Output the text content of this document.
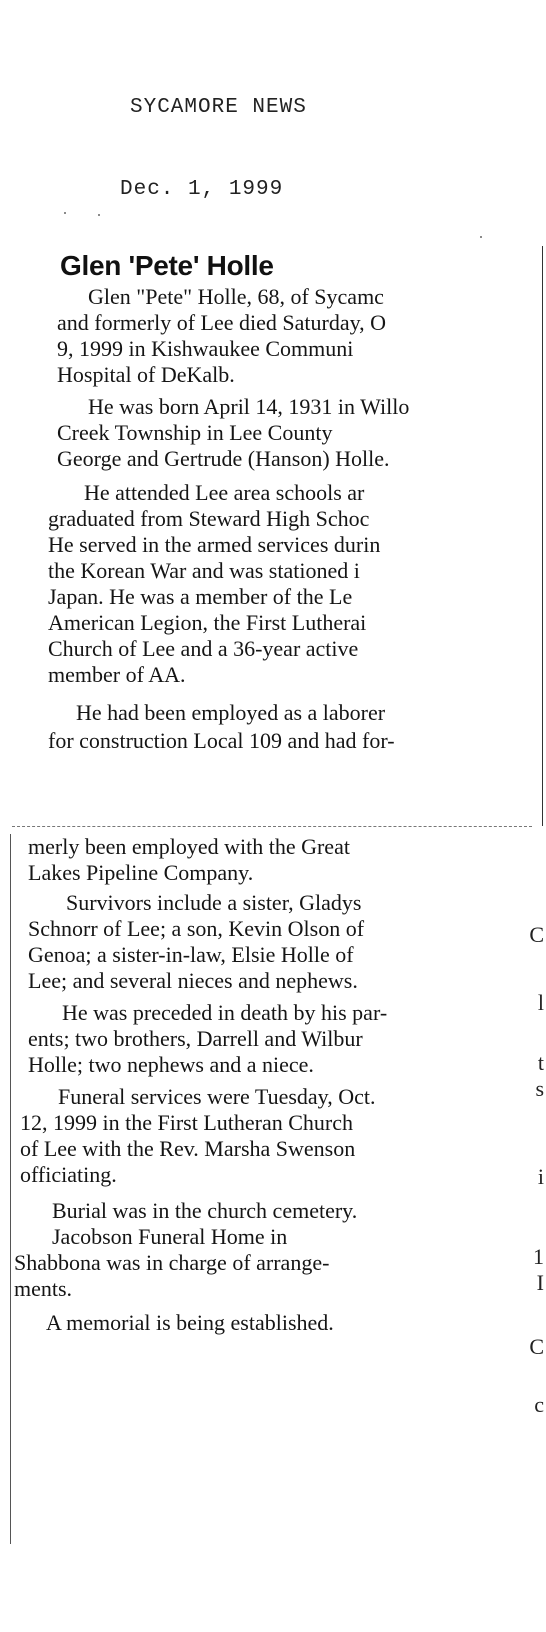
SYCAMORE NEWS
Dec. 1, 1999
Glen 'Pete' Holle
Glen "Pete" Holle, 68, of Sycamc
and formerly of Lee died Saturday, O
9, 1999 in Kishwaukee Communi
Hospital of DeKalb.
He was born April 14, 1931 in Willo
Creek Township in Lee County
George and Gertrude (Hanson) Holle.
He attended Lee area schools ar
graduated from Steward High Schoc
He served in the armed services durin
the Korean War and was stationed i
Japan. He was a member of the Le
American Legion, the First Lutherai
Church of Lee and a 36-year active
member of AA.
He had been employed as a laborer
for construction Local 109 and had for-
merly been employed with the Great
Lakes Pipeline Company.
Survivors include a sister, Gladys
Schnorr of Lee; a son, Kevin Olson of
Genoa; a sister-in-law, Elsie Holle of
Lee; and several nieces and nephews.
He was preceded in death by his par-
ents; two brothers, Darrell and Wilbur
Holle; two nephews and a niece.
Funeral services were Tuesday, Oct.
12, 1999 in the First Lutheran Church
of Lee with the Rev. Marsha Swenson
officiating.
Burial was in the church cemetery.
Jacobson Funeral Home in
Shabbona was in charge of arrange-
ments.
A memorial is being established.
C
l
t
s
i
1
I
C
c
